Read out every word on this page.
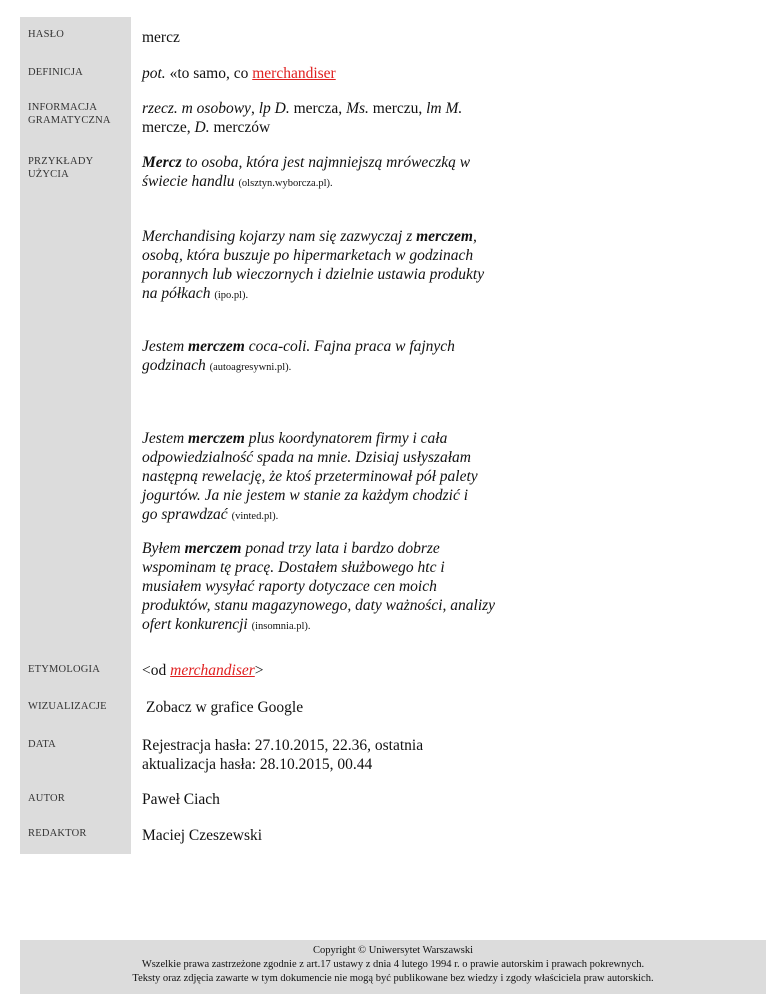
HASŁO
DEFINICJA
INFORMACJA
GRAMATYCZNA
PRZYKŁADY
UŻYCIA
ETYMOLOGIA
WIZUALIZACJE
DATA
AUTOR
REDAKTOR
mercz
pot. «to samo, co merchandiser
rzecz. m osobowy, lp D. mercza, Ms. merczu, lm M. mercze, D. merczów
Mercz to osoba, która jest najmniejszą mrówеczką w świecie handlu (olsztyn.wyborcza.pl).
Merchandising kojarzy nam się zazwyczaj z merczem, osobą, która buszuje po hipermarketach w godzinach porannych lub wieczornych i dzielnie ustawia produkty na półkach (ipo.pl).
Jestem merczem coca-coli. Fajna praca w fajnych godzinach (autoagresywni.pl).
Jestem merczem plus koordynatorem firmy i cała odpowiedzialność spada na mnie. Dzisiaj usłyszałam następną rewelację, że ktoś przeterminował pół palety jogurtów. Ja nie jestem w stanie za każdym chodzić i go sprawdzać (vinted.pl).
Byłem merczem ponad trzy lata i bardzo dobrze wspominam tę pracę. Dostałem służbowego htc i musiałem wysyłać raporty dotyczace cen moich produktów, stanu magazynowego, daty ważności, analizy ofert konkurencji (insomnia.pl).
<od merchandiser>
Zobacz w grafice Google
Rejestracja hasła: 27.10.2015, 22.36, ostatnia
aktualizacja hasła: 28.10.2015, 00.44
Paweł Ciach
Maciej Czeszewski
Copyright © Uniwersytet Warszawski
Wszelkie prawa zastrzeżone zgodnie z art.17 ustawy z dnia 4 lutego 1994 r. o prawie autorskim i prawach pokrewnych.
Teksty oraz zdjęcia zawarte w tym dokumencie nie mogą być publikowane bez wiedzy i zgody właściciela praw autorskich.
